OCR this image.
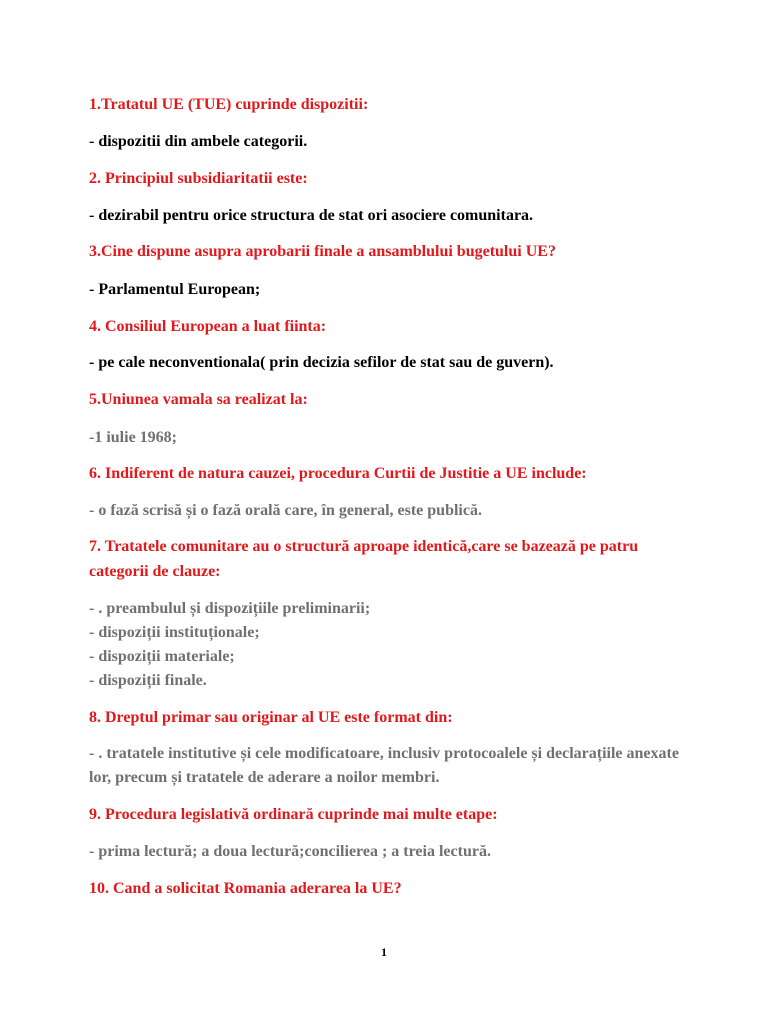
1.Tratatul UE (TUE) cuprinde dispozitii:

- dispozitii din ambele categorii.

2. Principiul subsidiaritatii este:

- dezirabil pentru orice structura de stat ori asociere comunitara.

3.Cine dispune asupra aprobarii finale a ansamblului bugetului UE?

- Parlamentul European;

4. Consiliul European a luat fiinta:

- pe cale neconventionala( prin decizia sefilor de stat sau de guvern).

5.Uniunea vamala sa realizat la:

-1 iulie 1968;

6. Indiferent de natura cauzei, procedura Curtii de Justitie a UE include:

- o fază scrisă și o fază orală care, în general, este publică.

7. Tratatele comunitare au o structură aproape identică,care se bazează pe patru

categorii de clauze:

- . preambulul și dispozițiile preliminarii;

- dispoziții instituționale;

- dispoziții materiale;

- dispoziții finale.

8. Dreptul primar sau originar al UE este format din:

- . tratatele institutive și cele modificatoare, inclusiv protocoalele și declarațiile anexate

lor, precum și tratatele de aderare a noilor membri.

9. Procedura legislativă ordinară cuprinde mai multe etape:

- prima lectură; a doua lectură;concilierea ; a treia lectură.

10. Cand a solicitat Romania aderarea la UE?

1
